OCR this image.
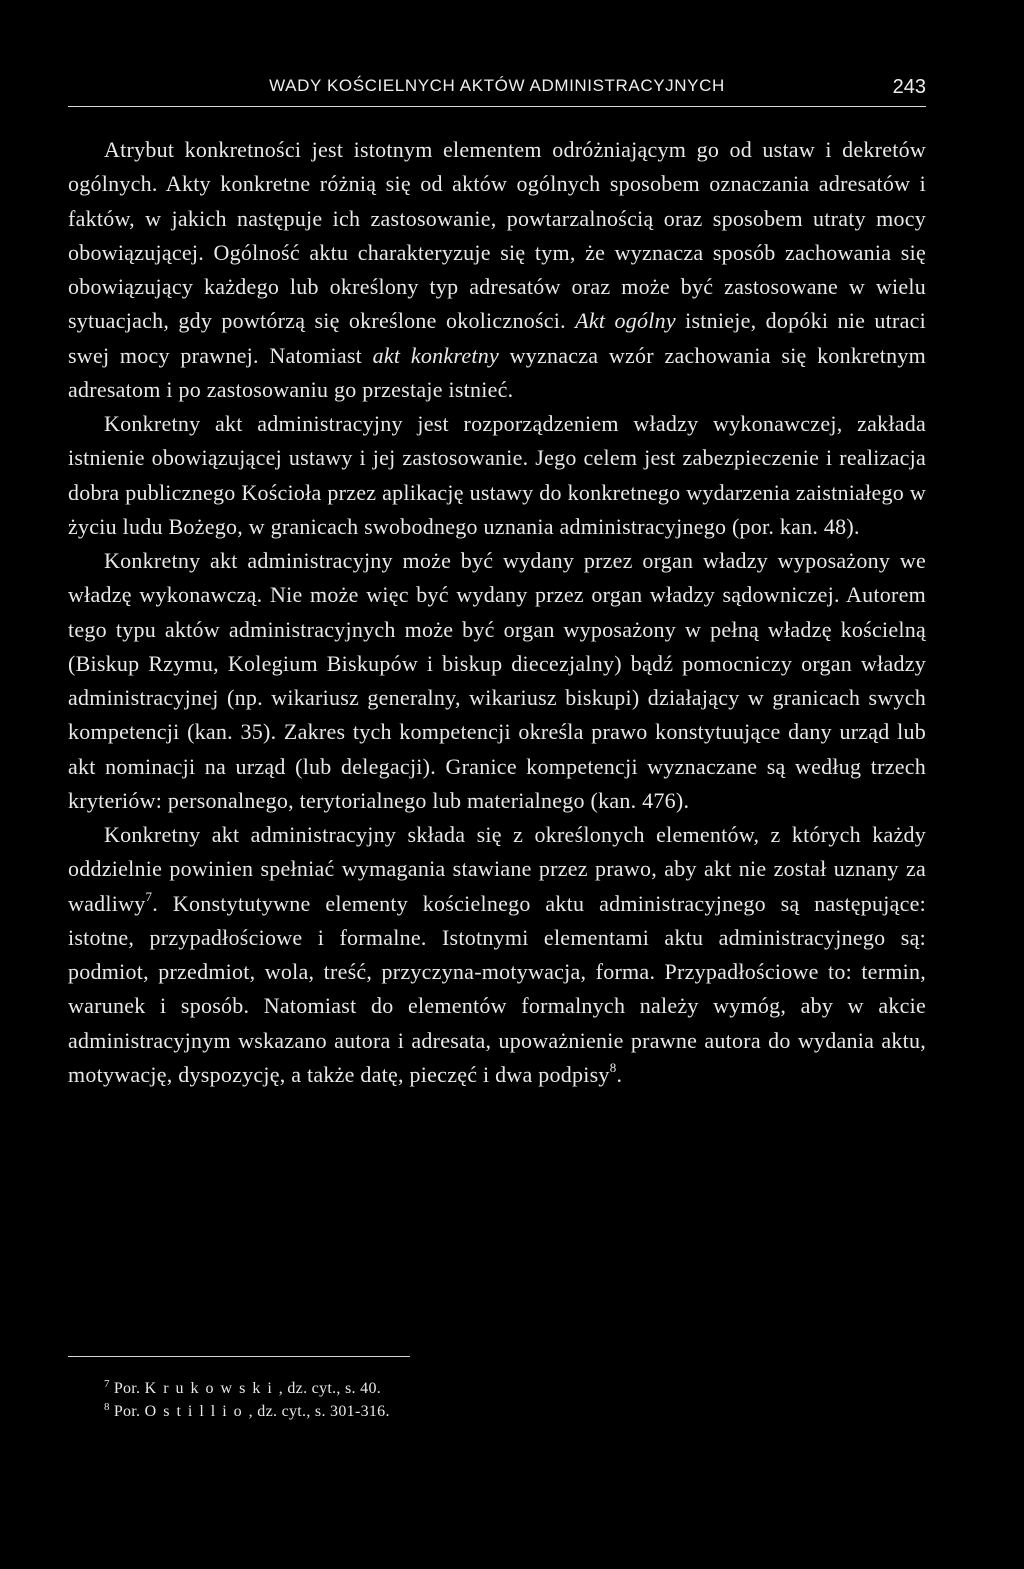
WADY KOŚCIELNYCH AKTÓW ADMINISTRACYJNYCH	243

Atrybut konkretności jest istotnym elementem odróżniającym go od ustaw i dekretów ogólnych. Akty konkretne różnią się od aktów ogólnych sposobem oznaczania adresatów i faktów, w jakich następuje ich zastosowanie, powtarzalnością oraz sposobem utraty mocy obowiązującej. Ogólność aktu charakteryzuje się tym, że wyznacza sposób zachowania się obowiązujący każdego lub określony typ adresatów oraz może być zastosowane w wielu sytuacjach, gdy powtórzą się określone okoliczności. Akt ogólny istnieje, dopóki nie utraci swej mocy prawnej. Natomiast akt konkretny wyznacza wzór zachowania się konkretnym adresatom i po zastosowaniu go przestaje istnieć.

Konkretny akt administracyjny jest rozporządzeniem władzy wykonawczej, zakłada istnienie obowiązującej ustawy i jej zastosowanie. Jego celem jest zabezpieczenie i realizacja dobra publicznego Kościoła przez aplikację ustawy do konkretnego wydarzenia zaistniałego w życiu ludu Bożego, w granicach swobodnego uznania administracyjnego (por. kan. 48).

Konkretny akt administracyjny może być wydany przez organ władzy wyposażony we władzę wykonawczą. Nie może więc być wydany przez organ władzy sądowniczej. Autorem tego typu aktów administracyjnych może być organ wyposażony w pełną władzę kościelną (Biskup Rzymu, Kolegium Biskupów i biskup diecezjalny) bądź pomocniczy organ władzy administracyjnej (np. wikariusz generalny, wikariusz biskupi) działający w granicach swych kompetencji (kan. 35). Zakres tych kompetencji określa prawo konstytuujące dany urząd lub akt nominacji na urząd (lub delegacji). Granice kompetencji wyznaczane są według trzech kryteriów: personalnego, terytorialnego lub materialnego (kan. 476).

Konkretny akt administracyjny składa się z określonych elementów, z których każdy oddzielnie powinien spełniać wymagania stawiane przez prawo, aby akt nie został uznany za wadliwy$^7$. Konstytutywne elementy kościelnego aktu administracyjnego są następujące: istotne, przypadłościowe i formalne. Istotnymi elementami aktu administracyjnego są: podmiot, przedmiot, wola, treść, przyczyna-motywacja, forma. Przypadłościowe to: termin, warunek i sposób. Natomiast do elementów formalnych należy wymóg, aby w akcie administracyjnym wskazano autora i adresata, upoważnienie prawne autora do wydania aktu, motywację, dyspozycję, a także datę, pieczęć i dwa podpisy$^8$.

$^7$ Por. Krukowski, dz. cyt., s. 40.
$^8$ Por. Ostillio, dz. cyt., s. 301-316.
